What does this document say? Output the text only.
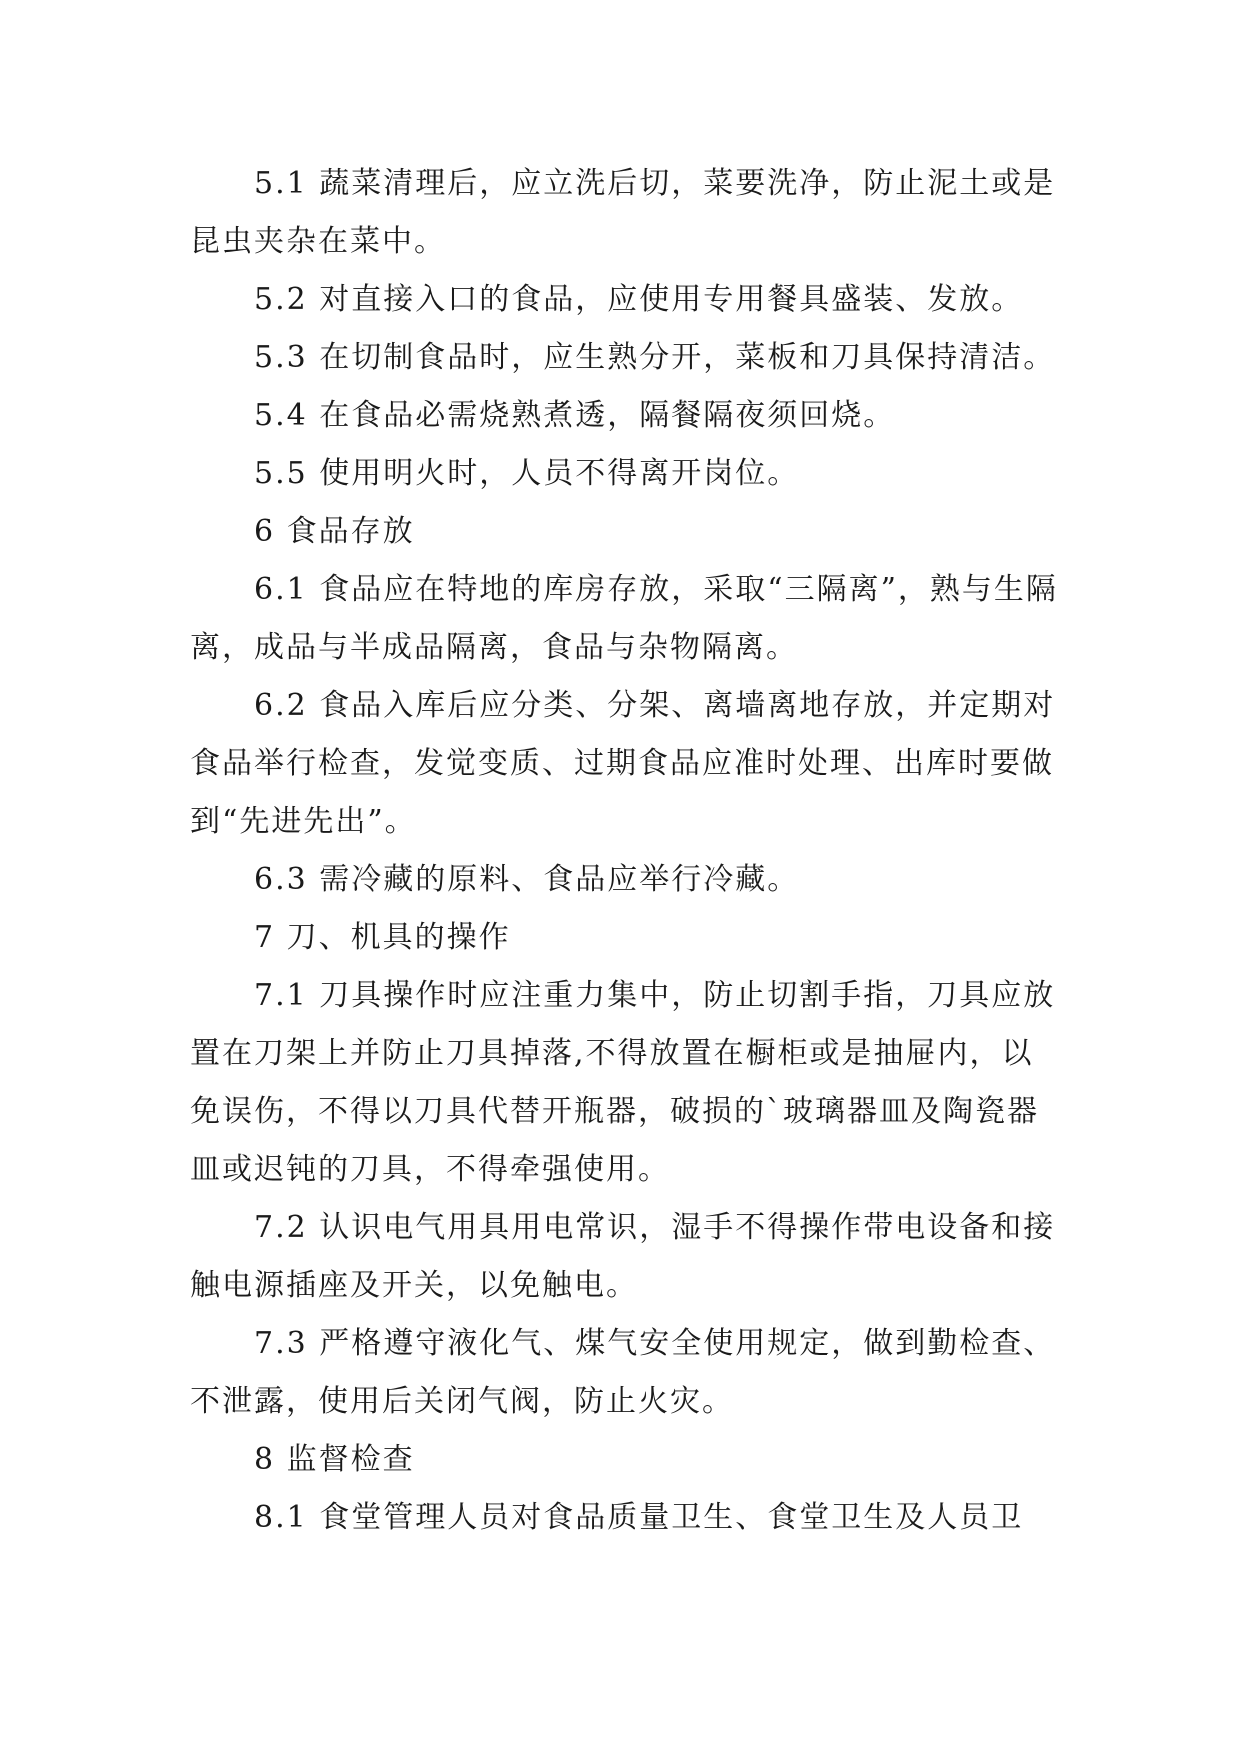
5.1 蔬菜清理后，应立洗后切，菜要洗净，防止泥土或是昆虫夹杂在菜中。

5.2 对直接入口的食品，应使用专用餐具盛装、发放。

5.3 在切制食品时，应生熟分开，菜板和刀具保持清洁。

5.4 在食品必需烧熟煮透，隔餐隔夜须回烧。

5.5 使用明火时，人员不得离开岗位。

6 食品存放

6.1 食品应在特地的库房存放，采取“三隔离”，熟与生隔离，成品与半成品隔离，食品与杂物隔离。

6.2 食品入库后应分类、分架、离墙离地存放，并定期对食品举行检查，发觉变质、过期食品应准时处理、出库时要做到“先进先出”。

6.3 需冷藏的原料、食品应举行冷藏。

7 刀、机具的操作

7.1 刀具操作时应注重力集中，防止切割手指，刀具应放置在刀架上并防止刀具掉落,不得放置在橱柜或是抽屉内，以免误伤，不得以刀具代替开瓶器，破损的`玻璃器皿及陶瓷器皿或迟钝的刀具，不得牵强使用。

7.2 认识电气用具用电常识，湿手不得操作带电设备和接触电源插座及开关，以免触电。

7.3 严格遵守液化气、煤气安全使用规定，做到勤检查、不泄露，使用后关闭气阀，防止火灾。

8 监督检查

8.1 食堂管理人员对食品质量卫生、食堂卫生及人员卫
